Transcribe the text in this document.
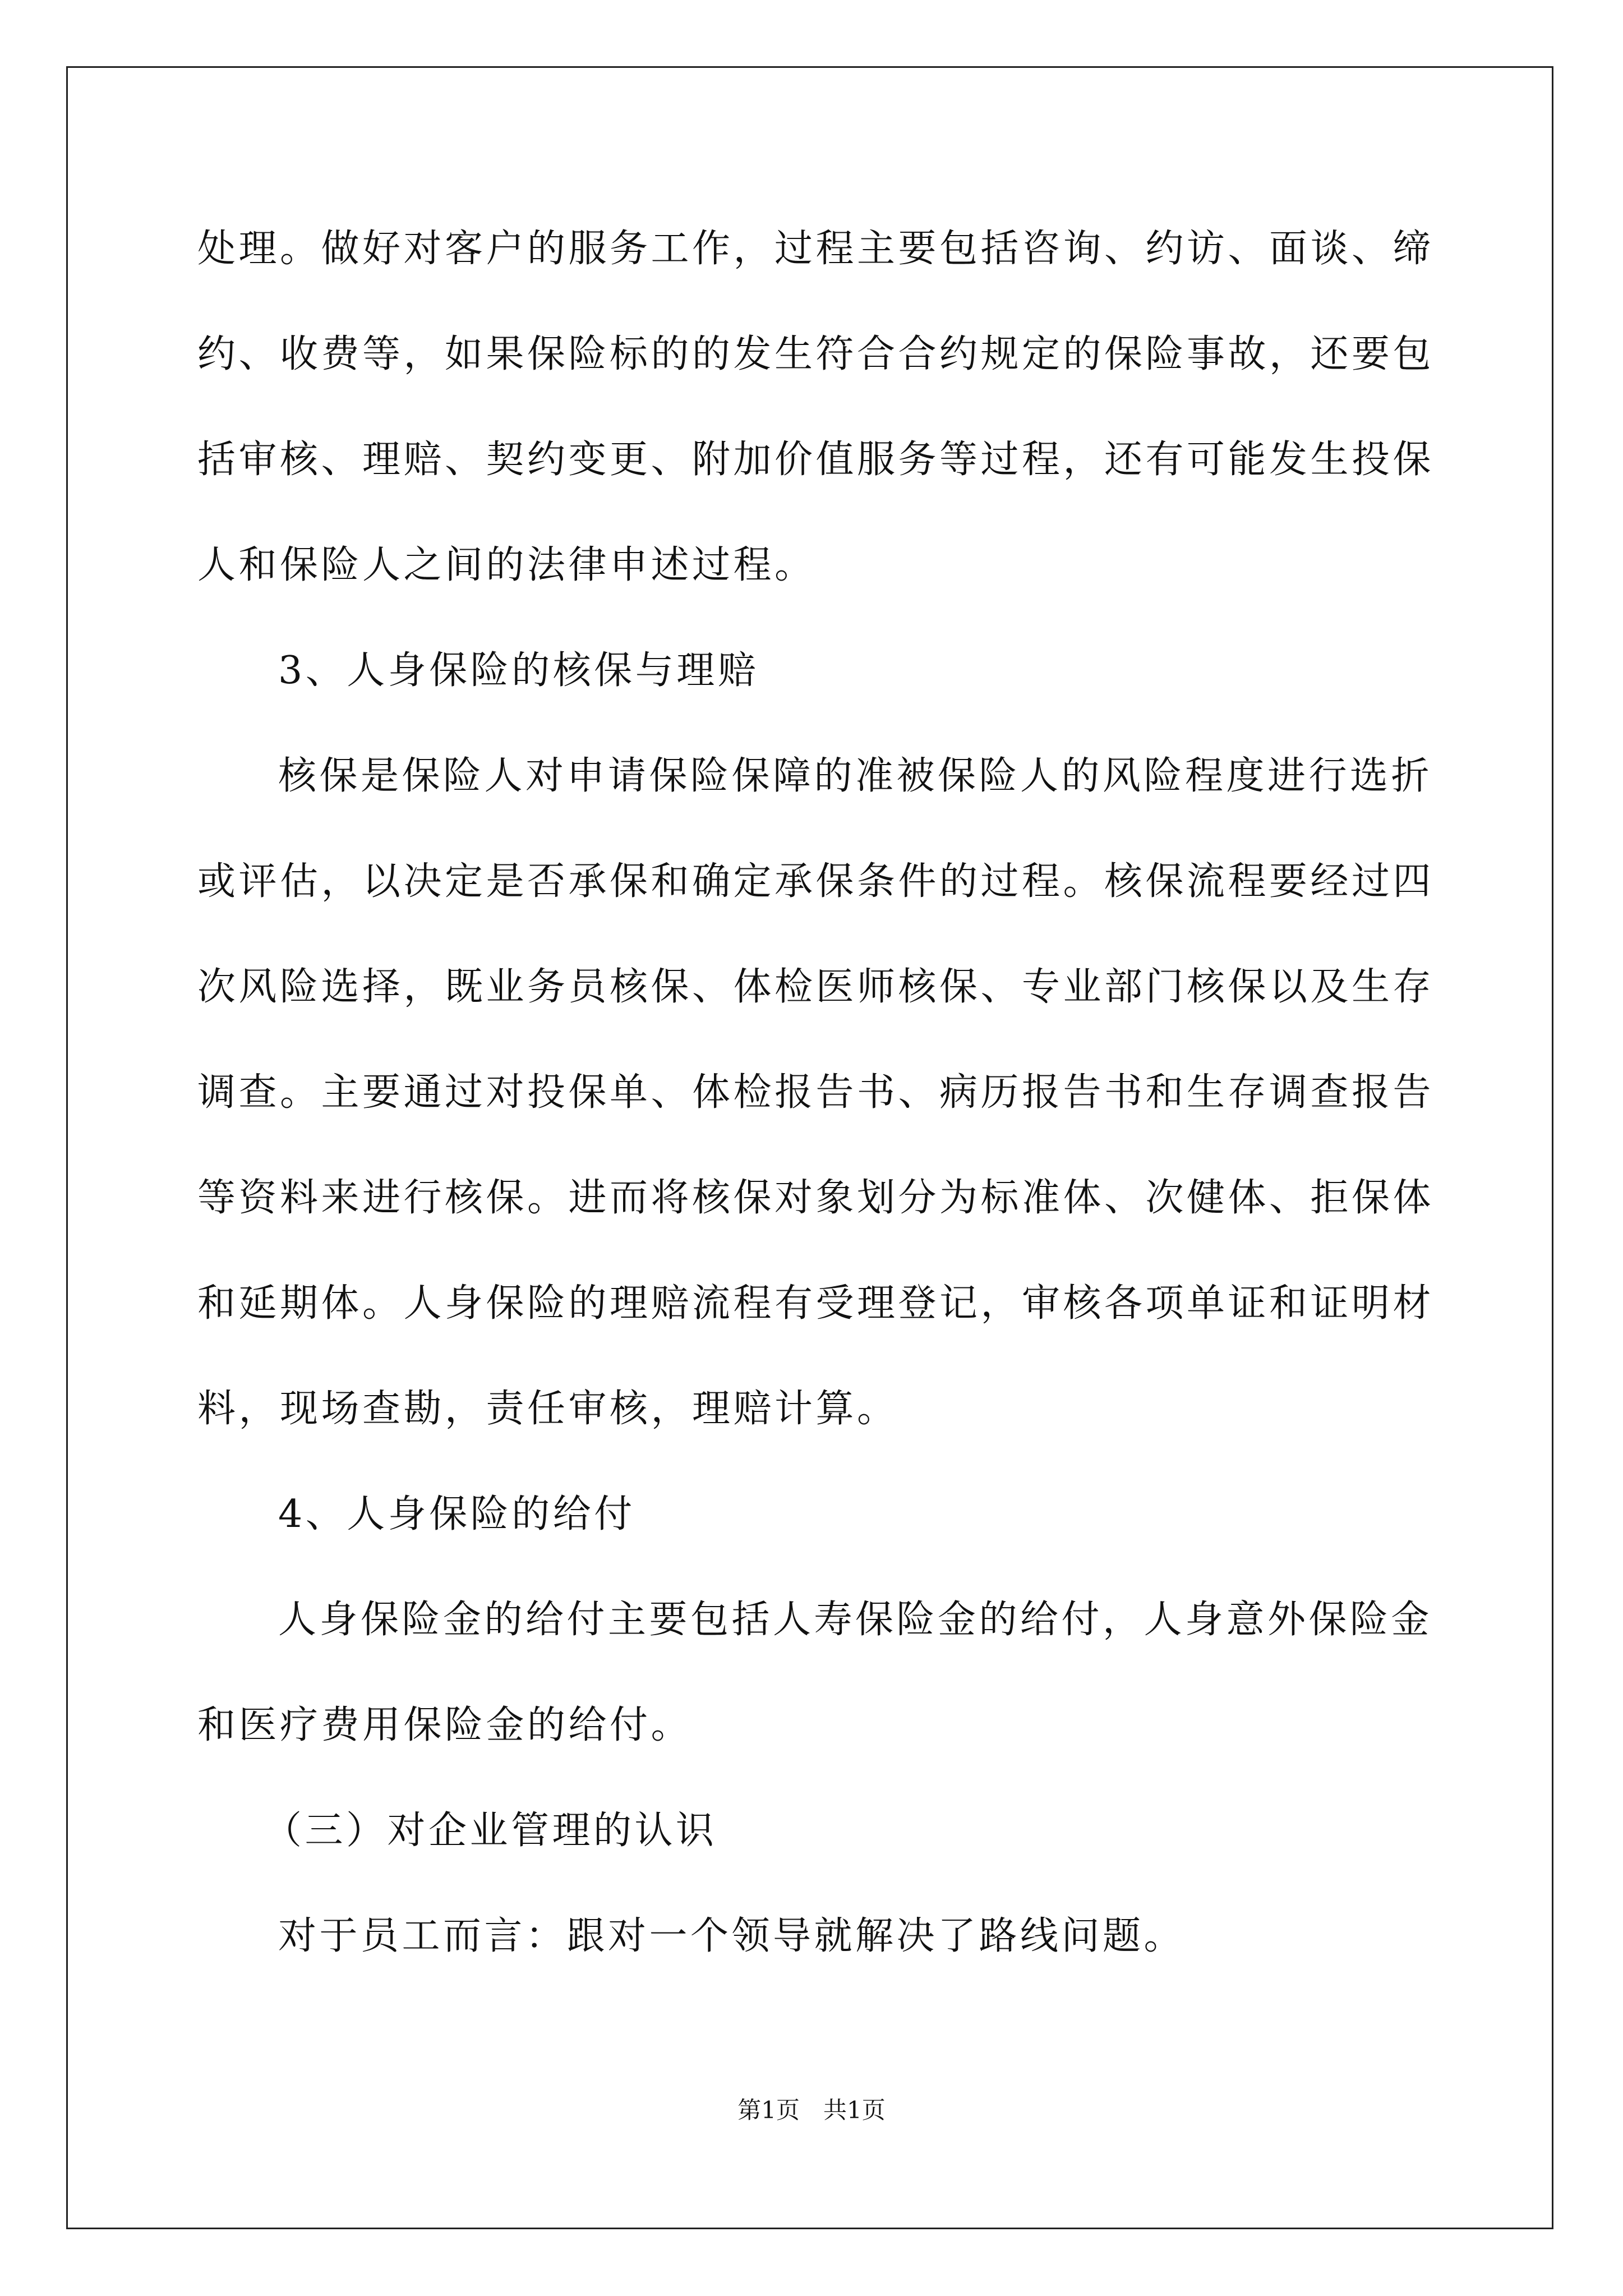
处理。做好对客户的服务工作，过程主要包括咨询、约访、面谈、缔
约、收费等，如果保险标的的发生符合合约规定的保险事故，还要包
括审核、理赔、契约变更、附加价值服务等过程，还有可能发生投保
人和保险人之间的法律申述过程。
3、人身保险的核保与理赔
核保是保险人对申请保险保障的准被保险人的风险程度进行选折
或评估，以决定是否承保和确定承保条件的过程。核保流程要经过四
次风险选择，既业务员核保、体检医师核保、专业部门核保以及生存
调查。主要通过对投保单、体检报告书、病历报告书和生存调查报告
等资料来进行核保。进而将核保对象划分为标准体、次健体、拒保体
和延期体。人身保险的理赔流程有受理登记，审核各项单证和证明材
料，现场查勘，责任审核，理赔计算。
4、人身保险的给付
人身保险金的给付主要包括人寿保险金的给付，人身意外保险金
和医疗费用保险金的给付。
（三）对企业管理的认识
对于员工而言：跟对一个领导就解决了路线问题。
第1页　共1页
